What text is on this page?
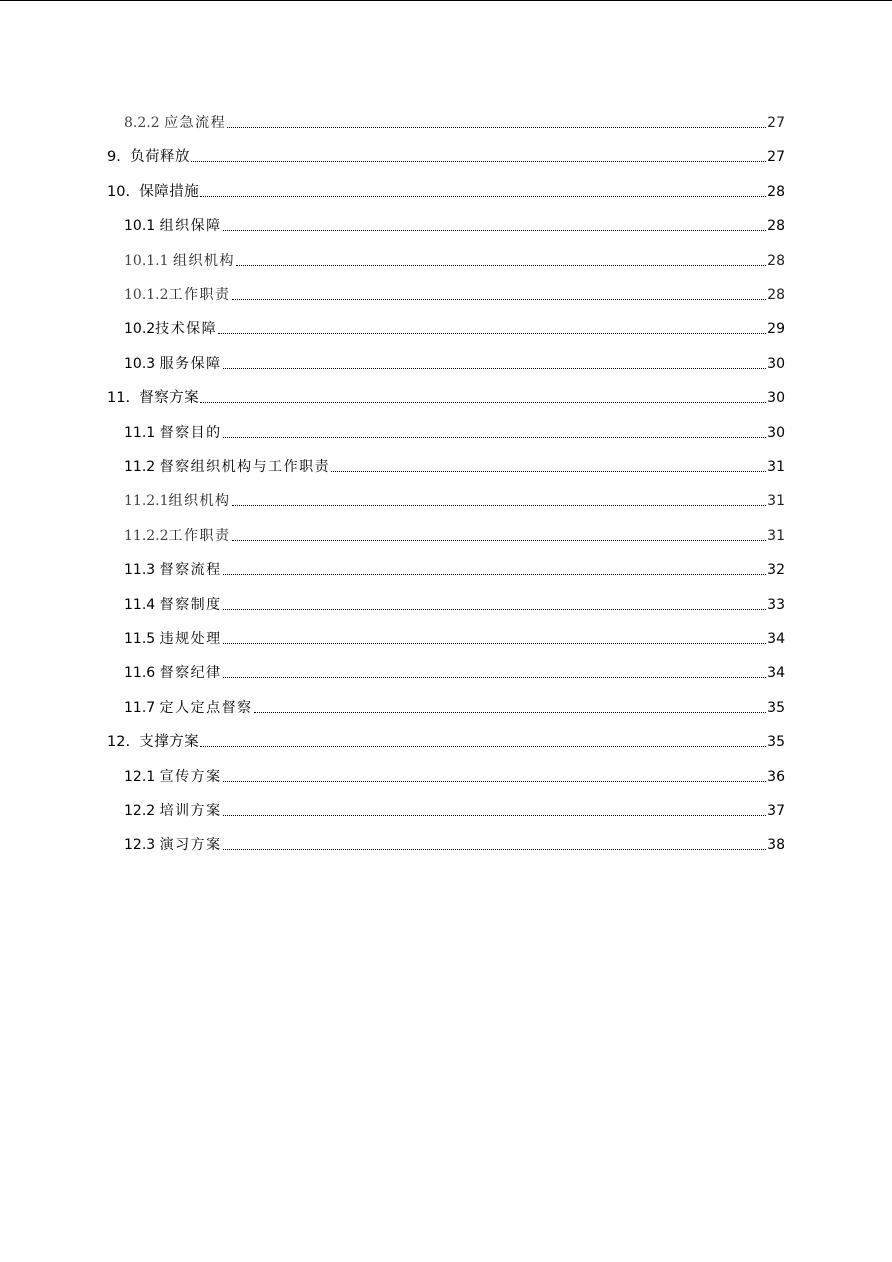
8.2.2 应急流程	27
9. 负荷释放	27
10. 保障措施	28
10.1 组织保障	28
10.1.1 组织机构	28
10.1.2 工作职责	28
10.2 技术保障	29
10.3 服务保障	30
11. 督察方案	30
11.1 督察目的	30
11.2 督察组织机构与工作职责	31
11.2.1 组织机构	31
11.2.2 工作职责	31
11.3 督察流程	32
11.4 督察制度	33
11.5 违规处理	34
11.6 督察纪律	34
11.7 定人定点督察	35
12. 支撑方案	35
12.1 宣传方案	36
12.2 培训方案	37
12.3 演习方案	38
